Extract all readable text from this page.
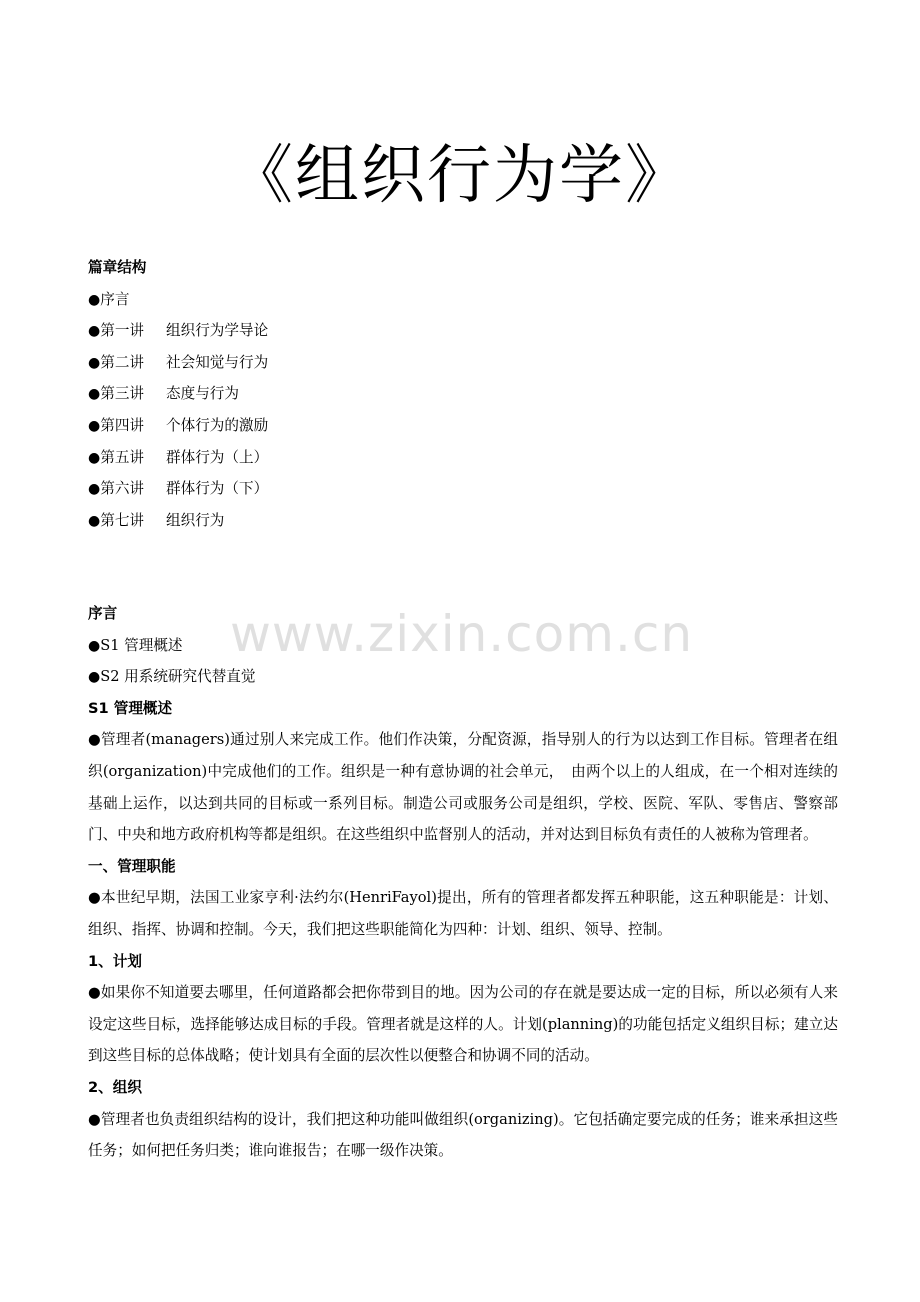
《组织行为学》
www.zixin.com.cn
篇章结构
●序言
●第一讲 组织行为学导论
●第二讲 社会知觉与行为
●第三讲 态度与行为
●第四讲 个体行为的激励
●第五讲 群体行为（上）
●第六讲 群体行为（下）
●第七讲 组织行为
序言
●S1 管理概述
●S2 用系统研究代替直觉
S1 管理概述
●管理者(managers)通过别人来完成工作。他们作决策，分配资源，指导别人的行为以达到工作目标。管理者在组织(organization)中完成他们的工作。组织是一种有意协调的社会单元，　由两个以上的人组成，在一个相对连续的基础上运作，以达到共同的目标或一系列目标。制造公司或服务公司是组织，学校、医院、军队、零售店、警察部门、中央和地方政府机构等都是组织。在这些组织中监督别人的活动，并对达到目标负有责任的人被称为管理者。
一、管理职能
●本世纪早期，法国工业家亨利·法约尔(HenriFayol)提出，所有的管理者都发挥五种职能，这五种职能是：计划、组织、指挥、协调和控制。今天，我们把这些职能简化为四种：计划、组织、领导、控制。
1、计划
●如果你不知道要去哪里，任何道路都会把你带到目的地。因为公司的存在就是要达成一定的目标，所以必须有人来设定这些目标，选择能够达成目标的手段。管理者就是这样的人。计划(planning)的功能包括定义组织目标；建立达到这些目标的总体战略；使计划具有全面的层次性以便整合和协调不同的活动。
2、组织
●管理者也负责组织结构的设计，我们把这种功能叫做组织(organizing)。它包括确定要完成的任务；谁来承担这些任务；如何把任务归类；谁向谁报告；在哪一级作决策。
